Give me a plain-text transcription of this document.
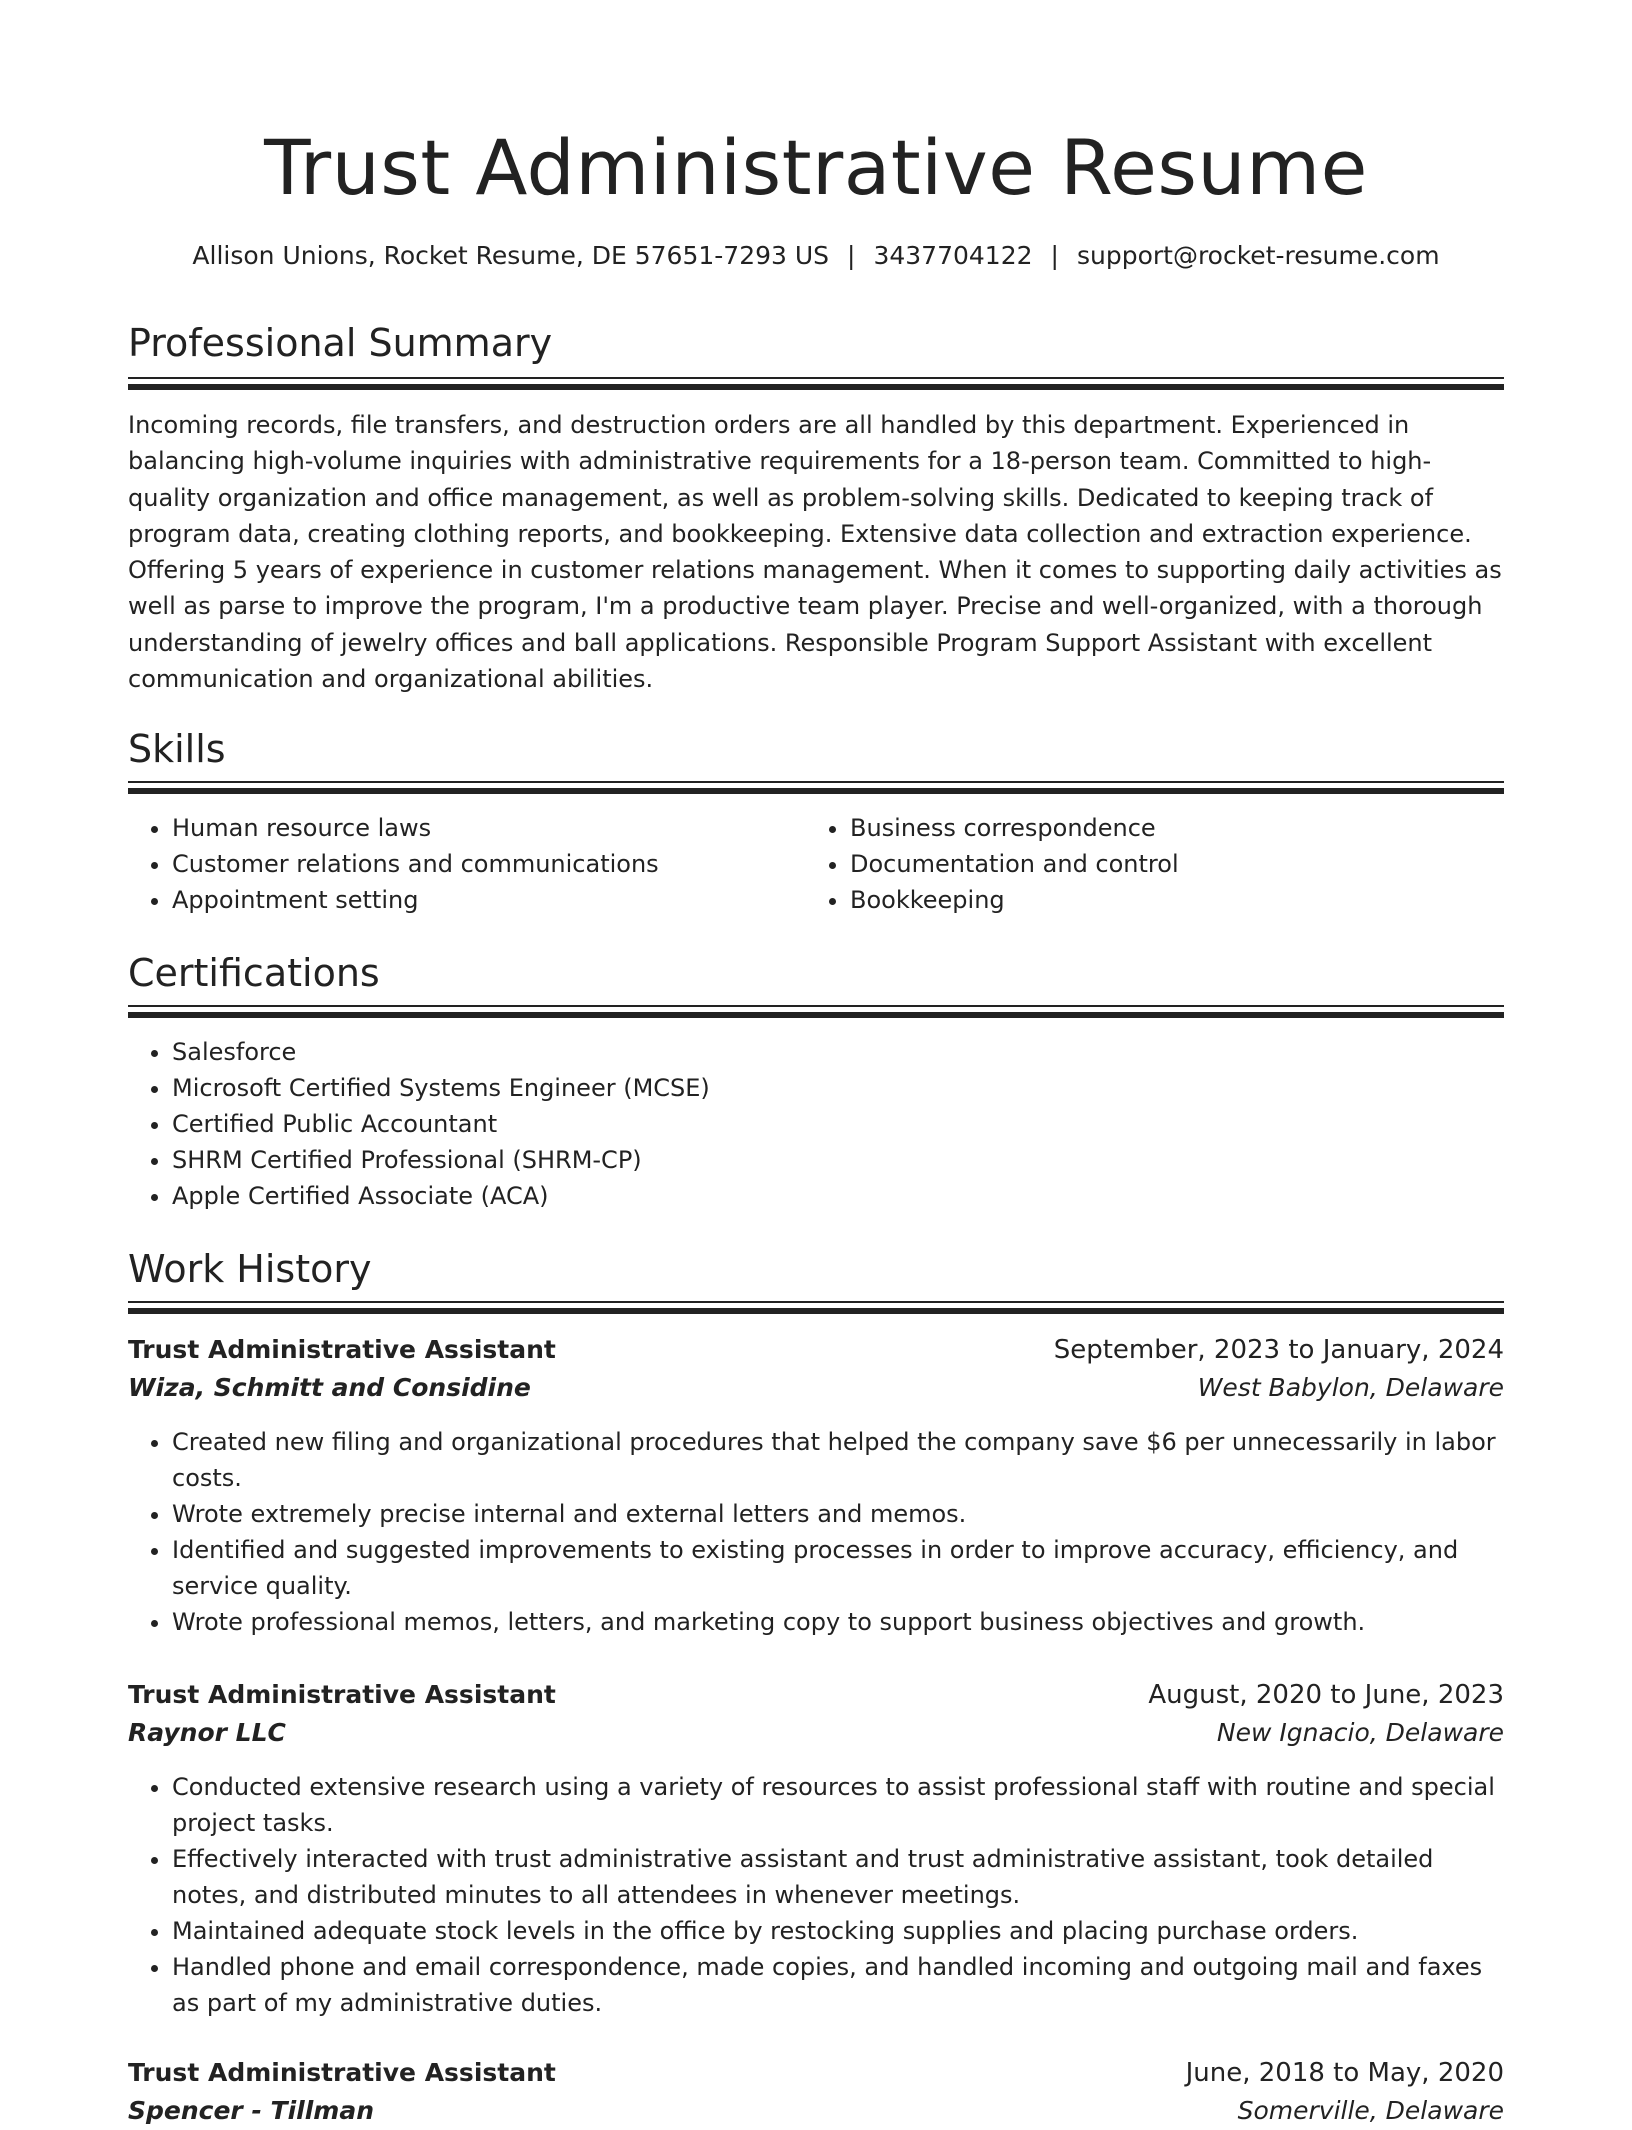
Trust Administrative Resume
Allison Unions, Rocket Resume, DE 57651-7293 US | 3437704122 | support@rocket-resume.com
Professional Summary
Incoming records, file transfers, and destruction orders are all handled by this department. Experienced in balancing high-volume inquiries with administrative requirements for a 18-person team. Committed to high-quality organization and office management, as well as problem-solving skills. Dedicated to keeping track of program data, creating clothing reports, and bookkeeping. Extensive data collection and extraction experience. Offering 5 years of experience in customer relations management. When it comes to supporting daily activities as well as parse to improve the program, I'm a productive team player. Precise and well-organized, with a thorough understanding of jewelry offices and ball applications. Responsible Program Support Assistant with excellent communication and organizational abilities.
Skills
• Human resource laws
• Customer relations and communications
• Appointment setting
• Business correspondence
• Documentation and control
• Bookkeeping
Certifications
• Salesforce
• Microsoft Certified Systems Engineer (MCSE)
• Certified Public Accountant
• SHRM Certified Professional (SHRM-CP)
• Apple Certified Associate (ACA)
Work History
Trust Administrative Assistant	September, 2023 to January, 2024
Wiza, Schmitt and Considine	West Babylon, Delaware
• Created new filing and organizational procedures that helped the company save $6 per unnecessarily in labor costs.
• Wrote extremely precise internal and external letters and memos.
• Identified and suggested improvements to existing processes in order to improve accuracy, efficiency, and service quality.
• Wrote professional memos, letters, and marketing copy to support business objectives and growth.
Trust Administrative Assistant	August, 2020 to June, 2023
Raynor LLC	New Ignacio, Delaware
• Conducted extensive research using a variety of resources to assist professional staff with routine and special project tasks.
• Effectively interacted with trust administrative assistant and trust administrative assistant, took detailed notes, and distributed minutes to all attendees in whenever meetings.
• Maintained adequate stock levels in the office by restocking supplies and placing purchase orders.
• Handled phone and email correspondence, made copies, and handled incoming and outgoing mail and faxes as part of my administrative duties.
Trust Administrative Assistant	June, 2018 to May, 2020
Spencer - Tillman	Somerville, Delaware
